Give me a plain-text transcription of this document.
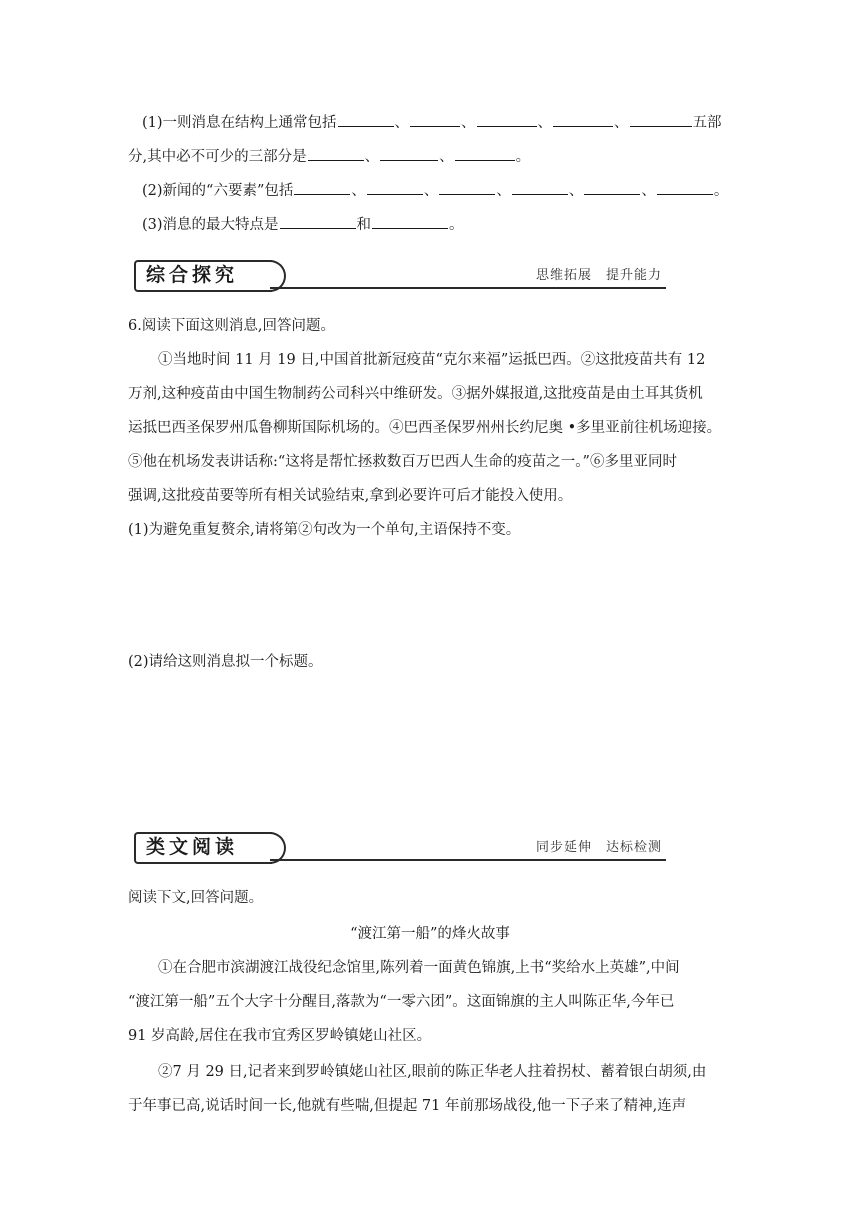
(1)一则消息在结构上通常包括	、	、	、	、	五部
分,其中必不可少的三部分是	、	、	。
(2)新闻的“六要素”包括	、	、	、	、	、	。
(3)消息的最大特点是	和	。
综合探究	思维拓展　提升能力
6.阅读下面这则消息,回答问题。
①当地时间 11 月 19 日,中国首批新冠疫苗“克尔来福”运抵巴西。②这批疫苗共有 12
万剂,这种疫苗由中国生物制药公司科兴中维研发。③据外媒报道,这批疫苗是由土耳其货机
运抵巴西圣保罗州瓜鲁柳斯国际机场的。④巴西圣保罗州州长约尼奥 •多里亚前往机场迎接。
⑤他在机场发表讲话称:“这将是帮忙拯救数百万巴西人生命的疫苗之一。”⑥多里亚同时
强调,这批疫苗要等所有相关试验结束,拿到必要许可后才能投入使用。
(1)为避免重复赘余,请将第②句改为一个单句,主语保持不变。
(2)请给这则消息拟一个标题。
类文阅读	同步延伸　达标检测
阅读下文,回答问题。
“渡江第一船”的烽火故事
①在合肥市滨湖渡江战役纪念馆里,陈列着一面黄色锦旗,上书“奖给水上英雄”,中间
“渡江第一船”五个大字十分醒目,落款为“一零六团”。这面锦旗的主人叫陈正华,今年已
91 岁高龄,居住在我市宜秀区罗岭镇姥山社区。
②7 月 29 日,记者来到罗岭镇姥山社区,眼前的陈正华老人拄着拐杖、蓄着银白胡须,由
于年事已高,说话时间一长,他就有些喘,但提起 71 年前那场战役,他一下子来了精神,连声
